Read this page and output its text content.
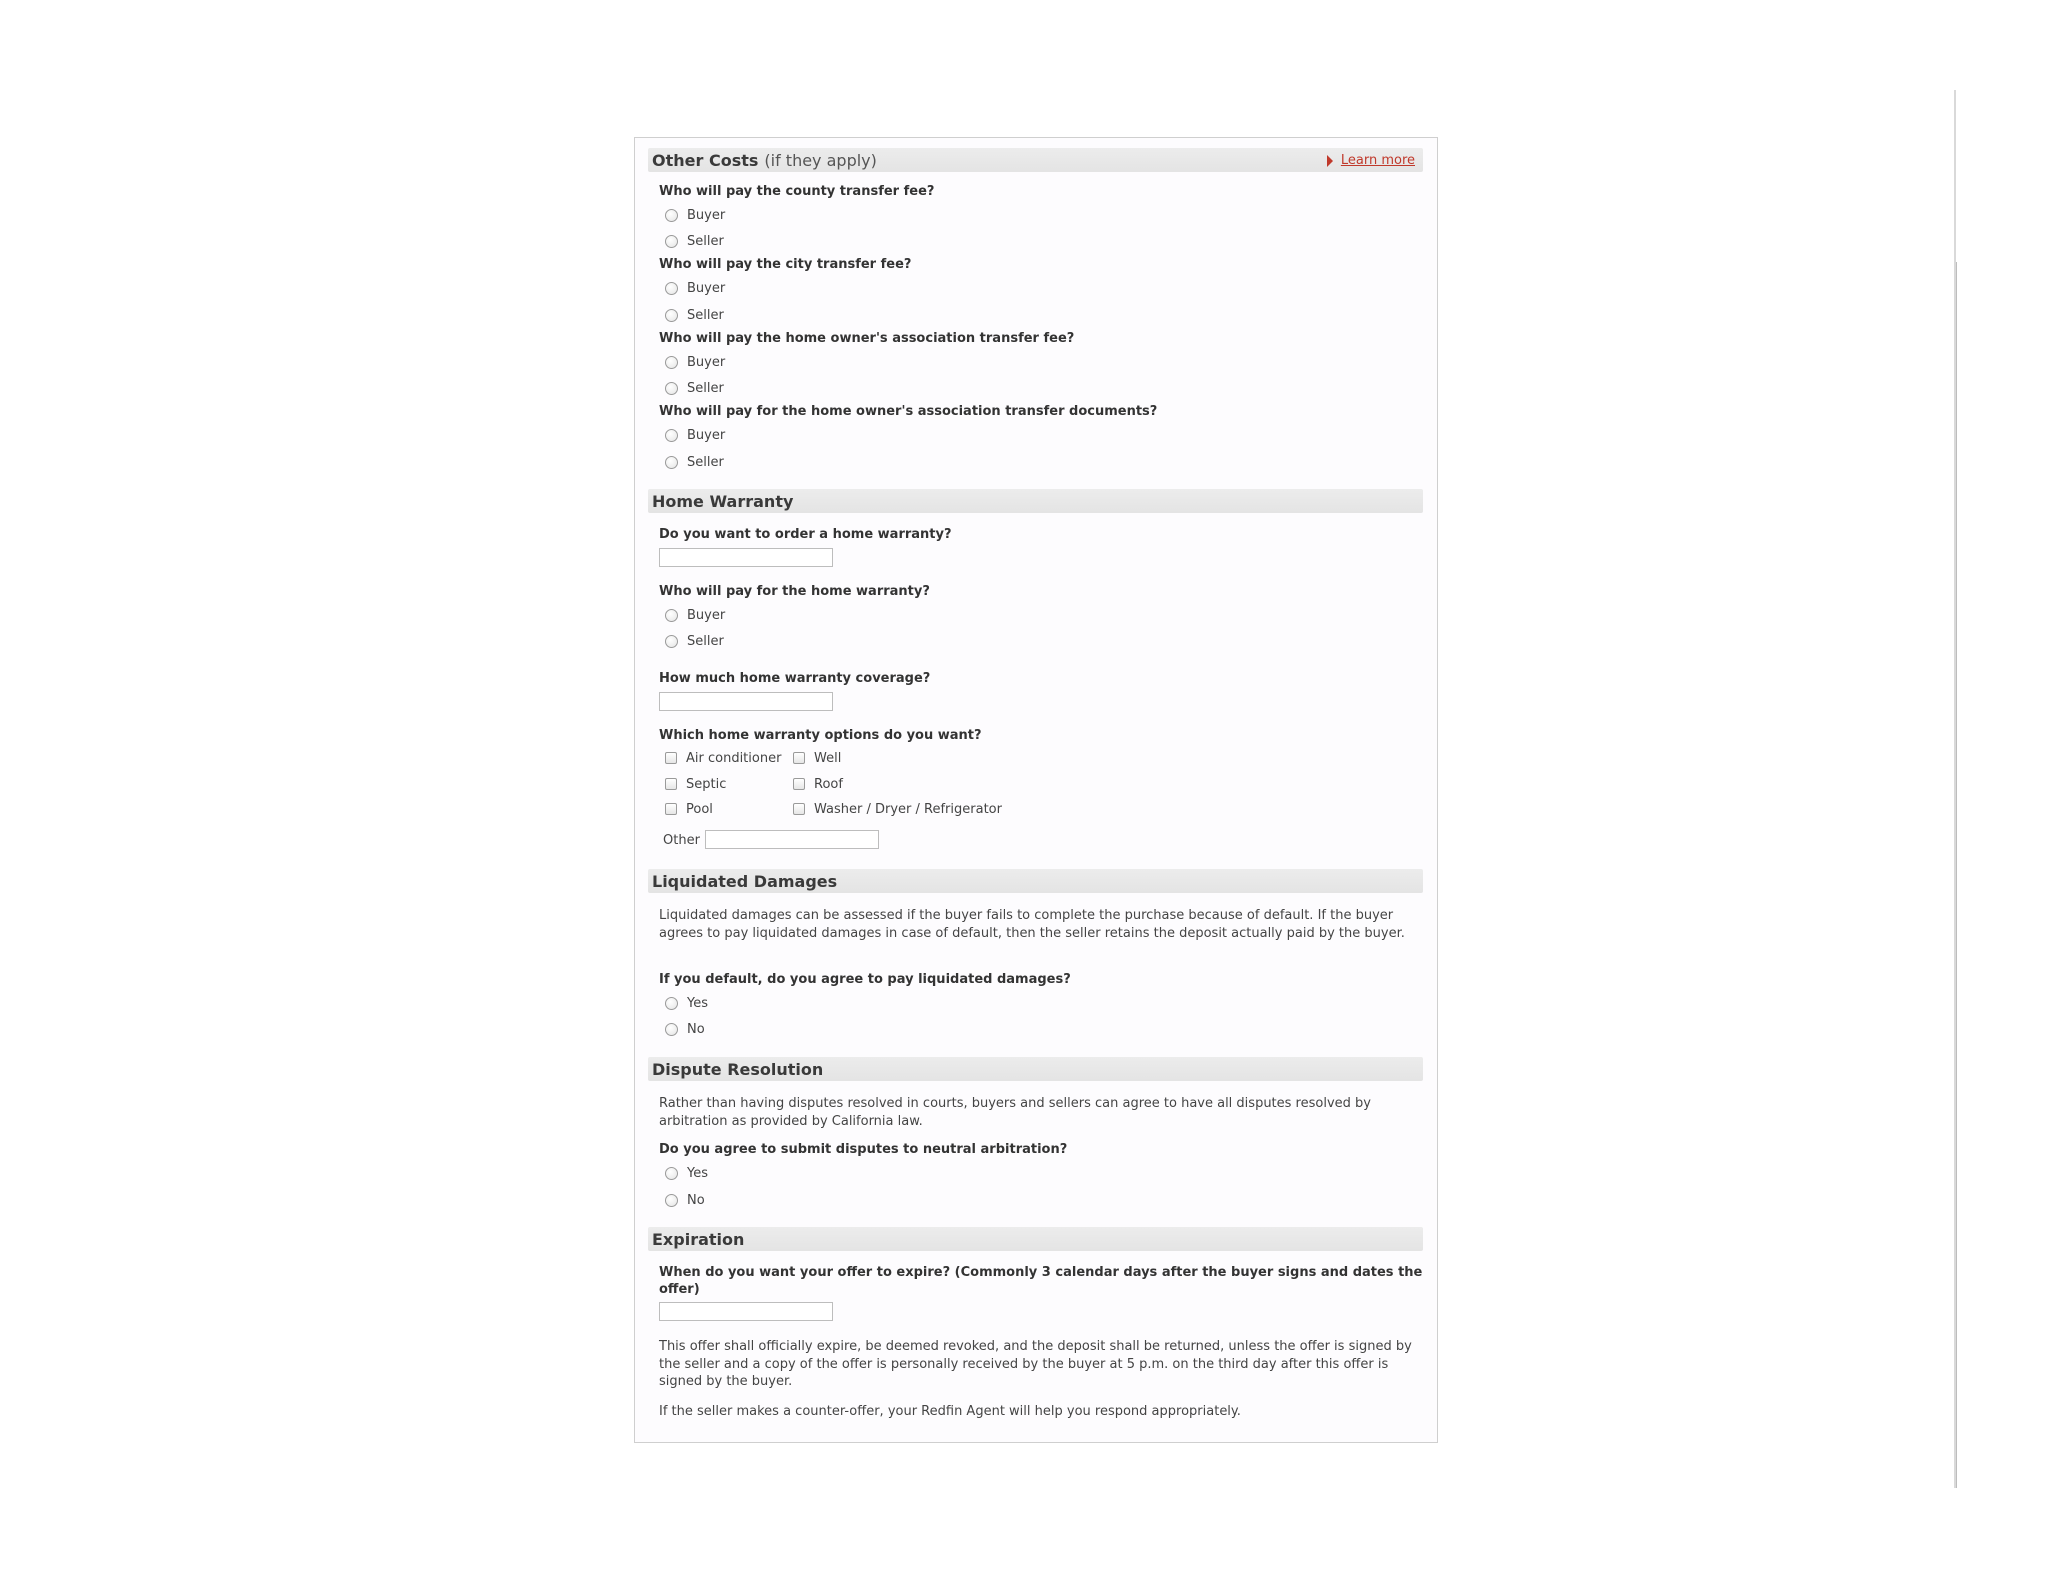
Other Costs (if they apply)	Learn more
Who will pay the county transfer fee?
Buyer
Seller
Who will pay the city transfer fee?
Buyer
Seller
Who will pay the home owner's association transfer fee?
Buyer
Seller
Who will pay for the home owner's association transfer documents?
Buyer
Seller
Home Warranty
Do you want to order a home warranty?
Who will pay for the home warranty?
Buyer
Seller
How much home warranty coverage?
Which home warranty options do you want?
Air conditioner	Well
Septic	Roof
Pool	Washer / Dryer / Refrigerator
Other
Liquidated Damages
Liquidated damages can be assessed if the buyer fails to complete the purchase because of default. If the buyer agrees to pay liquidated damages in case of default, then the seller retains the deposit actually paid by the buyer.
If you default, do you agree to pay liquidated damages?
Yes
No
Dispute Resolution
Rather than having disputes resolved in courts, buyers and sellers can agree to have all disputes resolved by arbitration as provided by California law.
Do you agree to submit disputes to neutral arbitration?
Yes
No
Expiration
When do you want your offer to expire? (Commonly 3 calendar days after the buyer signs and dates the offer)
This offer shall officially expire, be deemed revoked, and the deposit shall be returned, unless the offer is signed by the seller and a copy of the offer is personally received by the buyer at 5 p.m. on the third day after this offer is signed by the buyer.
If the seller makes a counter-offer, your Redfin Agent will help you respond appropriately.
